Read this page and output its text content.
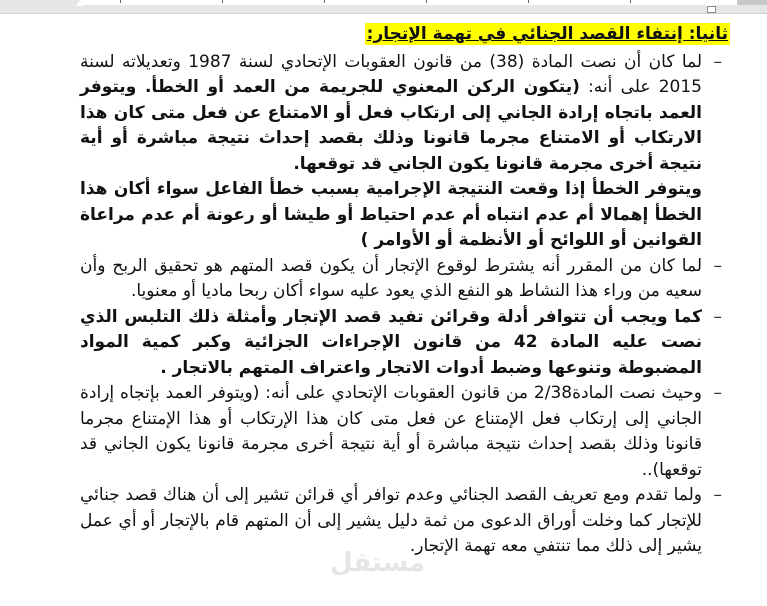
ثانيا: إنتفاء القصد الجنائي في تهمة الإتجار:
–
لما كان أن نصت المادة (38) من قانون العقوبات الإتحادي لسنة 1987 وتعديلاته لسنة 2015 على أنه: (يتكون الركن المعنوي للجريمة من العمد أو الخطأ. ويتوفر العمد باتجاه إرادة الجاني إلى ارتكاب فعل أو الامتناع عن فعل متى كان هذا الارتكاب أو الامتناع مجرما قانونا وذلك بقصد إحداث نتيجة مباشرة أو أية نتيجة أخرى مجرمة قانونا يكون الجاني قد توقعها.
ويتوفر الخطأ إذا وقعت النتيجة الإجرامية بسبب خطأ الفاعل سواء أكان هذا الخطأ إهمالا أم عدم انتباه أم عدم احتياط أو طيشا أو رعونة أم عدم مراعاة القوانين أو اللوائح أو الأنظمة أو الأوامر )
–
لما كان من المقرر أنه يشترط لوقوع الإتجار أن يكون قصد المتهم هو تحقيق الربح وأن سعيه من وراء هذا النشاط هو النفع الذي يعود عليه سواء أكان ربحا ماديا أو معنويا.
–
كما ويجب أن تتوافر أدلة وقرائن تفيد قصد الإتجار وأمثلة ذلك التلبس الذي نصت عليه المادة 42 من قانون الإجراءات الجزائية وكبر كمية المواد المضبوطة وتنوعها وضبط أدوات الاتجار واعتراف المتهم بالاتجار .
–
وحيث نصت المادة2/38 من قانون العقوبات الإتحادي على أنه: (ويتوفر العمد بإتجاه إرادة الجاني إلى إرتكاب فعل الإمتناع عن فعل متى كان هذا الإرتكاب أو هذا الإمتناع مجرما قانونا وذلك بقصد إحداث نتيجة مباشرة أو أية نتيجة أخرى مجرمة قانونا يكون الجاني قد توقعها)..
–
ولما تقدم ومع تعريف القصد الجنائي وعدم توافر أي قرائن تشير إلى أن هناك قصد جنائي للإتجار كما وخلت أوراق الدعوى من ثمة دليل يشير إلى أن المتهم قام بالإتجار أو أي عمل يشير إلى ذلك مما تنتفي معه تهمة الإتجار.
مستقل
